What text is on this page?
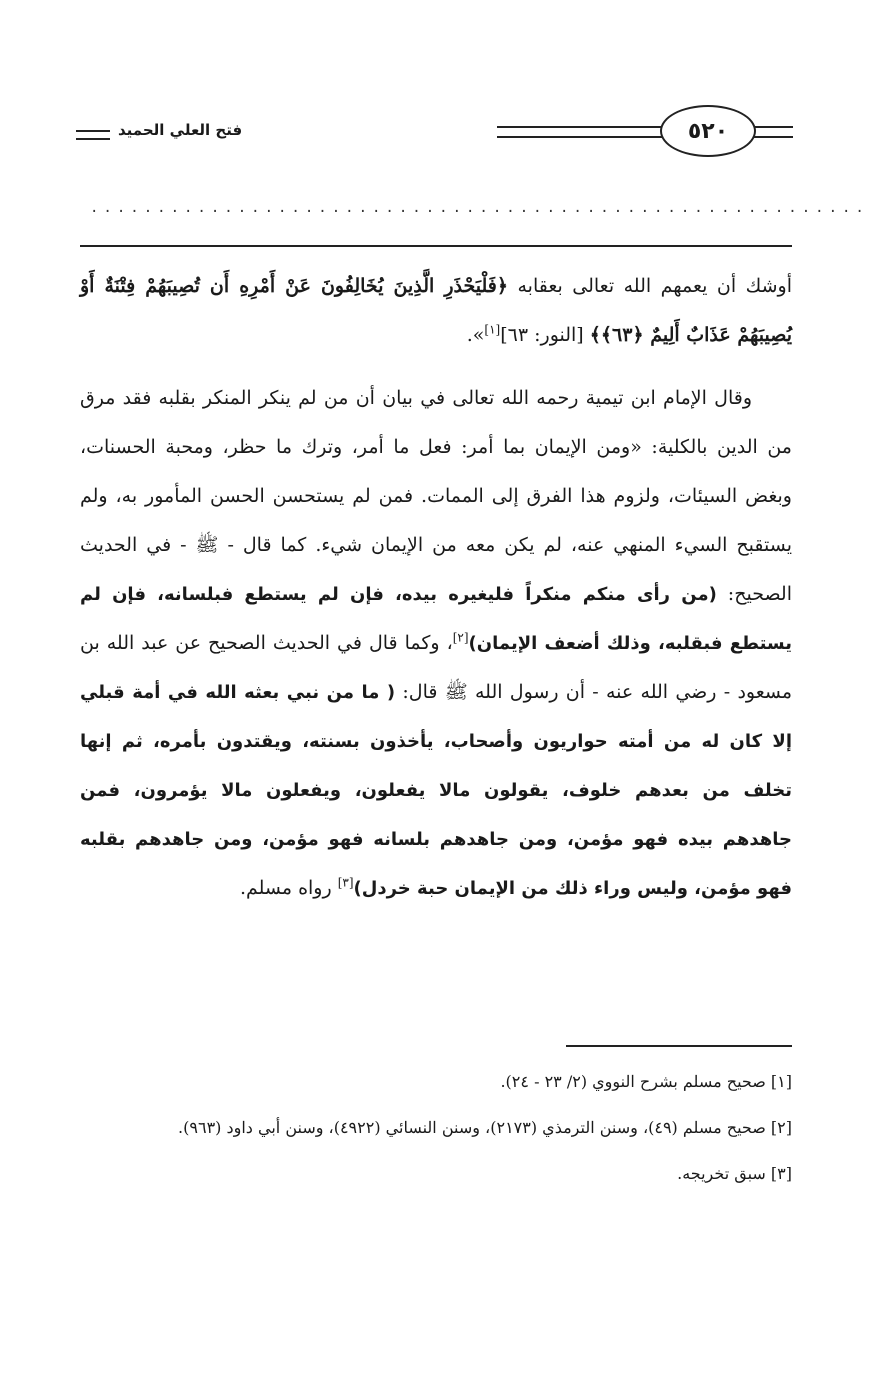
فتح العلي الحميد	٥٢٠
..........................................................

أوشك أن يعمهم الله تعالى بعقابه ﴿فَلْيَحْذَرِ الَّذِينَ يُخَالِفُونَ عَنْ أَمْرِهِ أَن تُصِيبَهُمْ فِتْنَةٌ أَوْ يُصِيبَهُمْ عَذَابٌ أَلِيمٌ ﴿٦٣﴾﴾ [النور: ٦٣][١]».

وقال الإمام ابن تيمية رحمه الله تعالى في بيان أن من لم ينكر المنكر بقلبه فقد مرق من الدين بالكلية: «ومن الإيمان بما أمر: فعل ما أمر، وترك ما حظر، ومحبة الحسنات، وبغض السيئات، ولزوم هذا الفرق إلى الممات. فمن لم يستحسن الحسن المأمور به، ولم يستقبح السيء المنهي عنه، لم يكن معه من الإيمان شيء. كما قال - ﷺ - في الحديث الصحيح: (من رأى منكم منكراً فليغيره بيده، فإن لم يستطع فبلسانه، فإن لم يستطع فبقلبه، وذلك أضعف الإيمان)[٢]، وكما قال في الحديث الصحيح عن عبد الله بن مسعود - رضي الله عنه - أن رسول الله ﷺ قال: ( ما من نبي بعثه الله في أمة قبلي إلا كان له من أمته حواريون وأصحاب، يأخذون بسنته، ويقتدون بأمره، ثم إنها تخلف من بعدهم خلوف، يقولون مالا يفعلون، ويفعلون مالا يؤمرون، فمن جاهدهم بيده فهو مؤمن، ومن جاهدهم بلسانه فهو مؤمن، ومن جاهدهم بقلبه فهو مؤمن، وليس وراء ذلك من الإيمان حبة خردل)[٣] رواه مسلم.

[١] صحيح مسلم بشرح النووي (٢/ ٢٣ - ٢٤).
[٢] صحيح مسلم (٤٩)، وسنن الترمذي (٢١٧٣)، وسنن النسائي (٤٩٢٢)، وسنن أبي داود (٩٦٣).
[٣] سبق تخريجه.
